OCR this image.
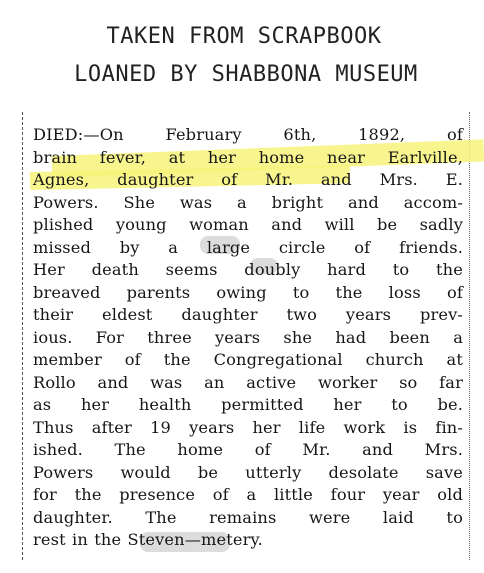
TAKEN FROM SCRAPBOOK
LOANED BY SHABBONA MUSEUM
DIED:—On February 6th, 1892, of
brain fever, at her home near Earlville,
Agnes, daughter of Mr. and Mrs. E.
Powers. She was a bright and accom-
plished young woman and will be sadly
missed by a large circle of friends.
Her death seems doubly hard to the
breaved parents owing to the loss of
their eldest daughter two years prev-
ious. For three years she had been a
member of the Congregational church at
Rollo and was an active worker so far
as her health permitted her to be.
Thus after 19 years her life work is fin-
ished. The home of Mr. and Mrs.
Powers would be utterly desolate save
for the presence of a little four year old
daughter. The remains were laid to
rest in the Steven—metery.
